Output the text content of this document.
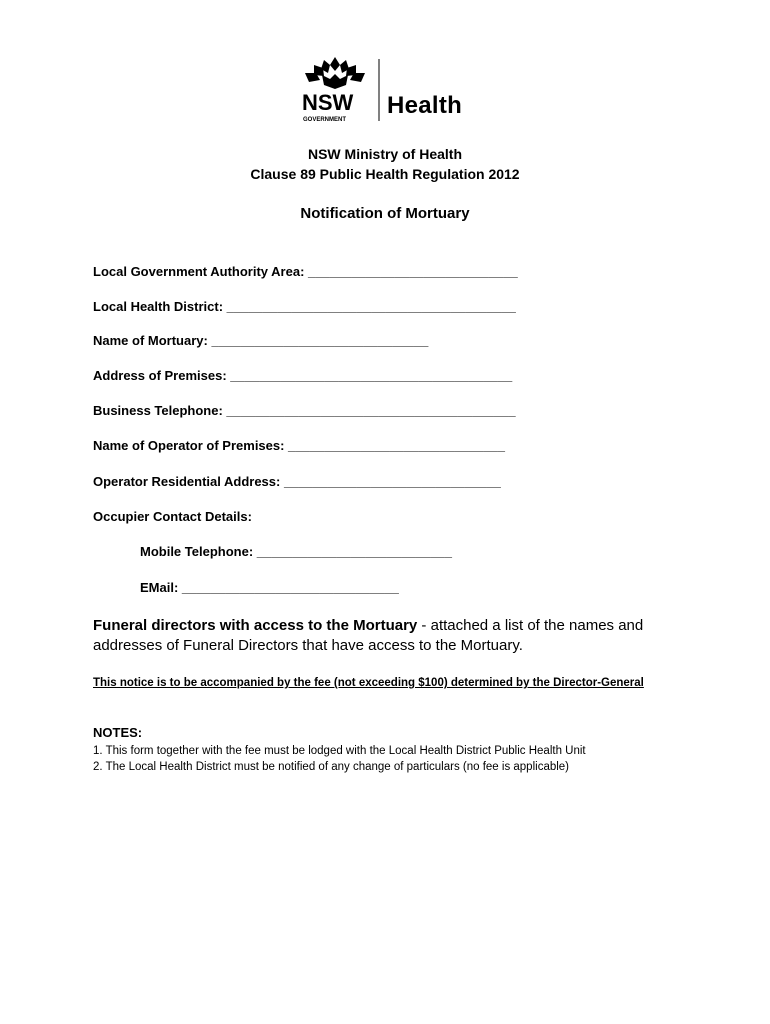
NSW
GOVERNMENT
Health
NSW Ministry of Health
Clause 89 Public Health Regulation 2012
Notification of Mortuary
Local Government Authority Area: _____________________________
Local Health District: ________________________________________
Name of Mortuary: ______________________________
Address of Premises: _______________________________________
Business Telephone: ________________________________________
Name of Operator of Premises: ______________________________
Operator Residential Address: ______________________________
Occupier Contact Details:
Mobile Telephone: ___________________________
EMail: ______________________________
Funeral directors with access to the Mortuary - attached a list of the names and addresses of Funeral Directors that have access to the Mortuary.
This notice is to be accompanied by the fee (not exceeding $100) determined by the Director-General
NOTES:
1. This form together with the fee must be lodged with the Local Health District Public Health Unit
2. The Local Health District must be notified of any change of particulars (no fee is applicable)
